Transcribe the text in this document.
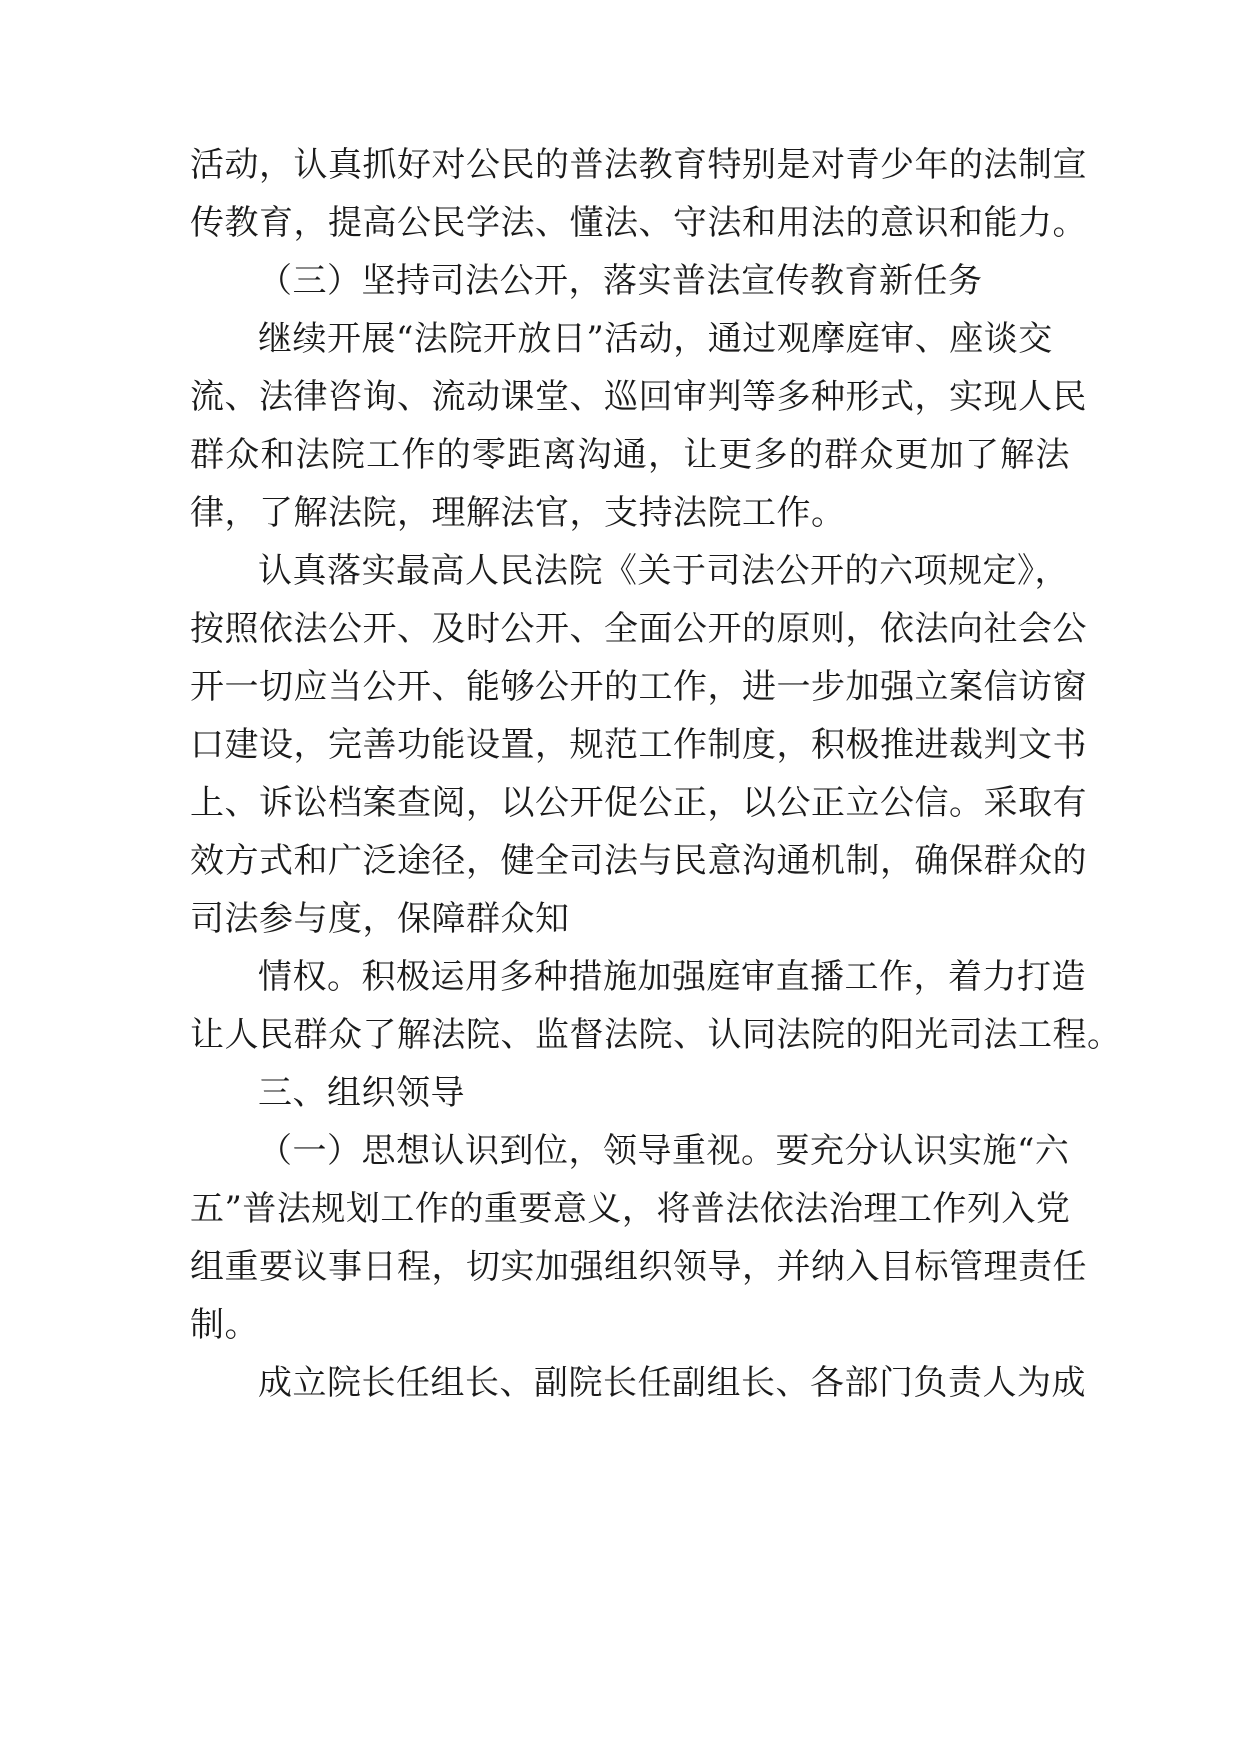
活动，认真抓好对公民的普法教育特别是对青少年的法制宣
传教育，提高公民学法、懂法、守法和用法的意识和能力。
（三）坚持司法公开，落实普法宣传教育新任务
继续开展“法院开放日”活动，通过观摩庭审、座谈交
流、法律咨询、流动课堂、巡回审判等多种形式，实现人民
群众和法院工作的零距离沟通，让更多的群众更加了解法
律，了解法院，理解法官，支持法院工作。
认真落实最高人民法院《关于司法公开的六项规定》，
按照依法公开、及时公开、全面公开的原则，依法向社会公
开一切应当公开、能够公开的工作，进一步加强立案信访窗
口建设，完善功能设置，规范工作制度，积极推进裁判文书
上、诉讼档案查阅，以公开促公正，以公正立公信。采取有
效方式和广泛途径，健全司法与民意沟通机制，确保群众的
司法参与度，保障群众知
情权。积极运用多种措施加强庭审直播工作，着力打造
让人民群众了解法院、监督法院、认同法院的阳光司法工程。
三、组织领导
（一）思想认识到位，领导重视。要充分认识实施“六
五”普法规划工作的重要意义，将普法依法治理工作列入党
组重要议事日程，切实加强组织领导，并纳入目标管理责任
制。
成立院长任组长、副院长任副组长、各部门负责人为成
